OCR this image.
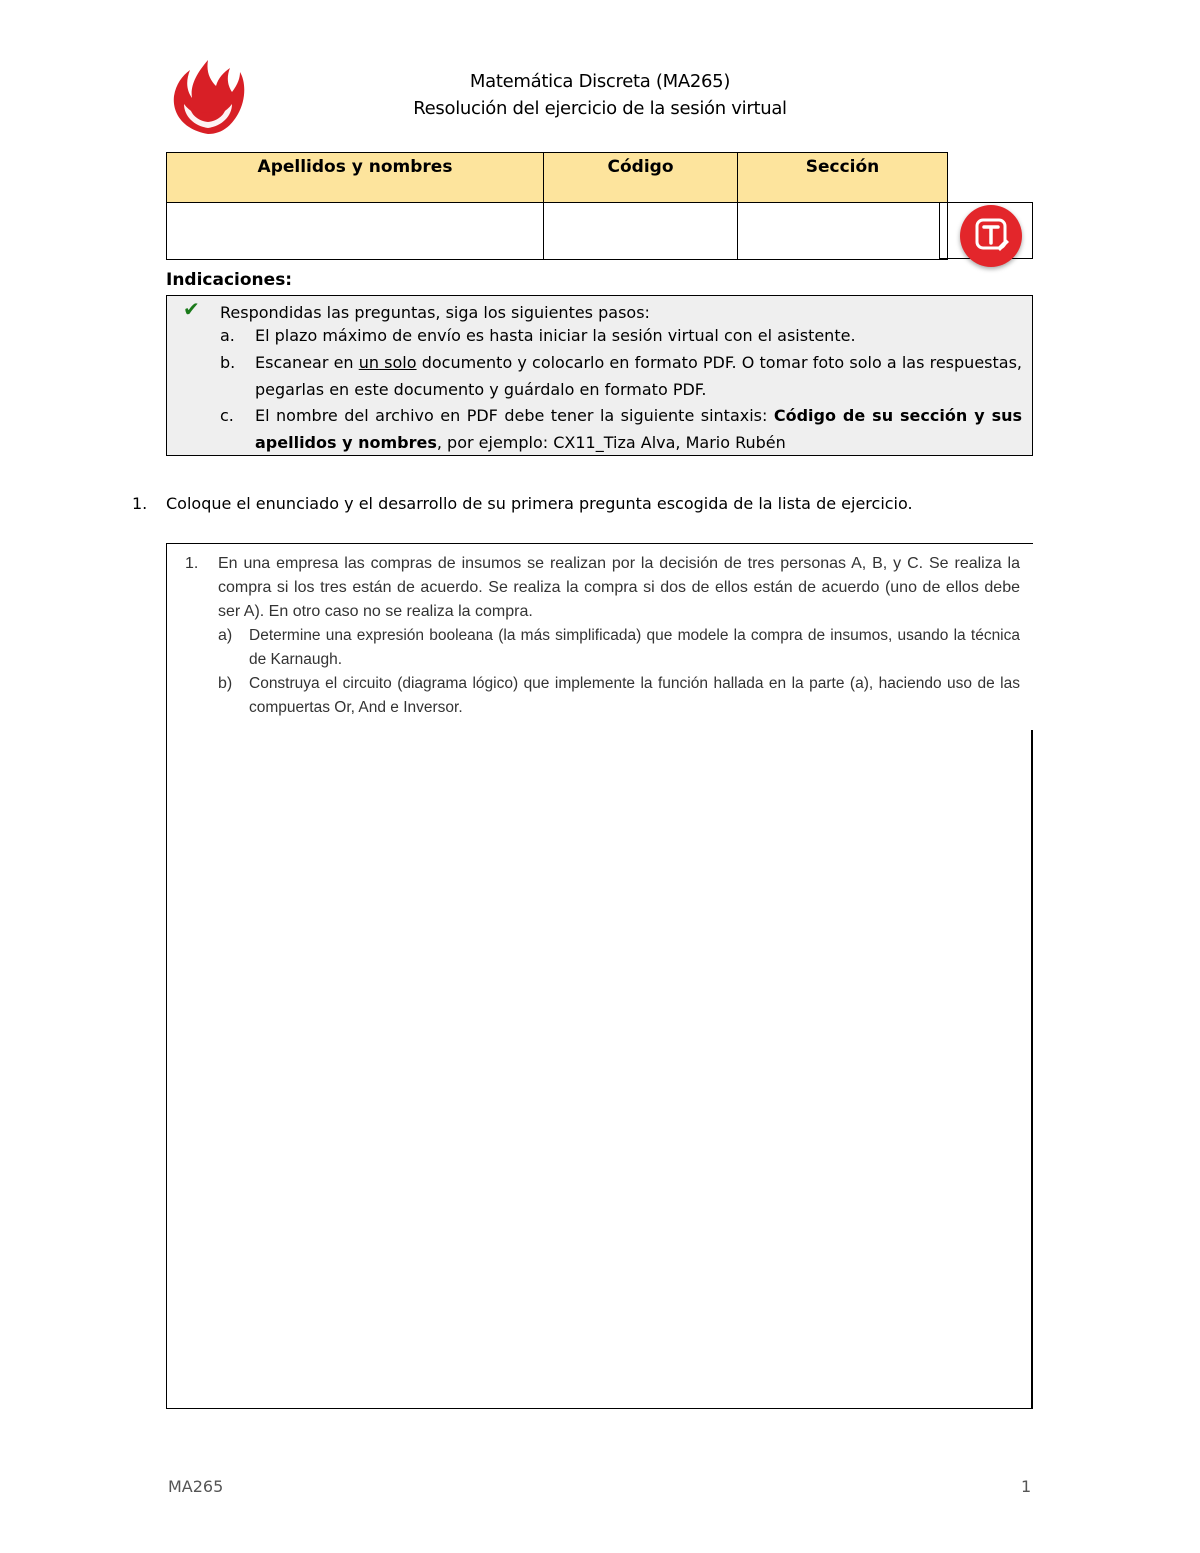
Matemática Discreta (MA265)
Resolución del ejercicio de la sesión virtual
Apellidos y nombres	Código	Sección

Indicaciones:
✔ Respondidas las preguntas, siga los siguientes pasos:
a. El plazo máximo de envío es hasta iniciar la sesión virtual con el asistente.
b. Escanear en un solo documento y colocarlo en formato PDF. O tomar foto solo a las respuestas, pegarlas en este documento y guárdalo en formato PDF.
c. El nombre del archivo en PDF debe tener la siguiente sintaxis: Código de su sección y sus apellidos y nombres, por ejemplo: CX11_Tiza Alva, Mario Rubén
1. Coloque el enunciado y el desarrollo de su primera pregunta escogida de la lista de ejercicio.
1. En una empresa las compras de insumos se realizan por la decisión de tres personas A, B, y C. Se realiza la compra si los tres están de acuerdo. Se realiza la compra si dos de ellos están de acuerdo (uno de ellos debe ser A). En otro caso no se realiza la compra.
a) Determine una expresión booleana (la más simplificada) que modele la compra de insumos, usando la técnica de Karnaugh.
b) Construya el circuito (diagrama lógico) que implemente la función hallada en la parte (a), haciendo uso de las compuertas Or, And e Inversor.
MA265	1
